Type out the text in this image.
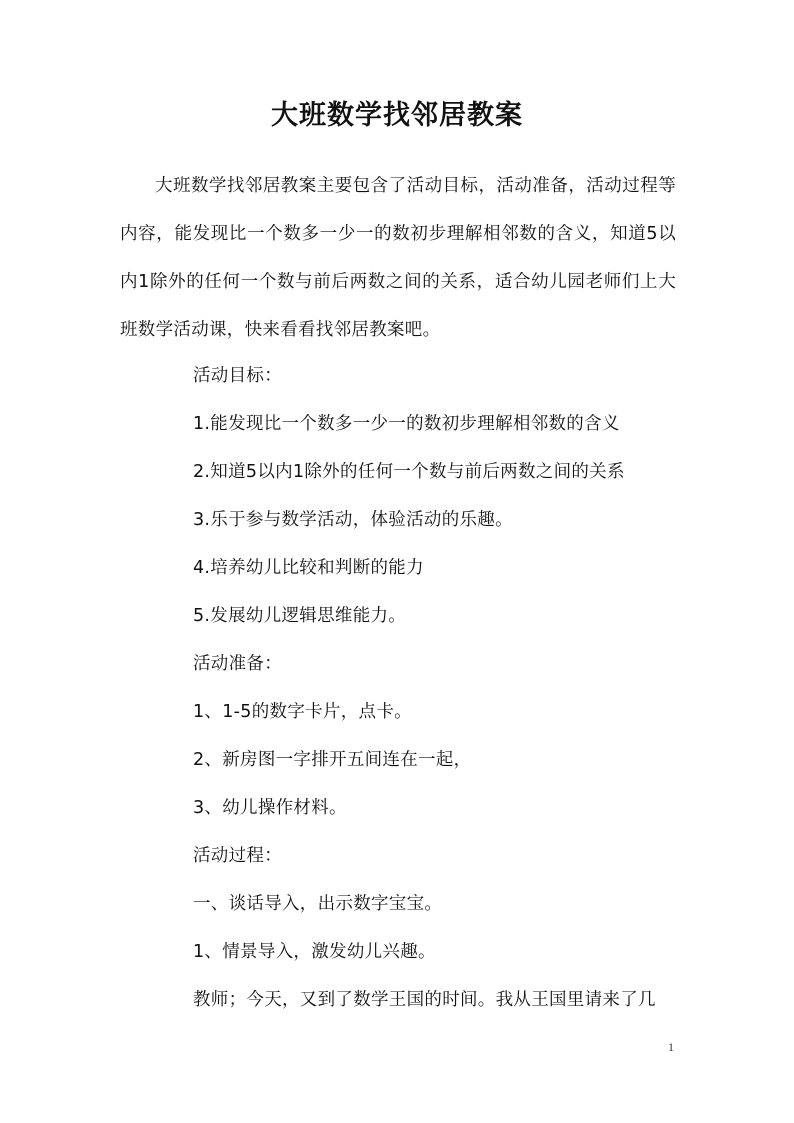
大班数学找邻居教案

大班数学找邻居教案主要包含了活动目标，活动准备，活动过程等内容，能发现比一个数多一少一的数初步理解相邻数的含义，知道5以内1除外的任何一个数与前后两数之间的关系，适合幼儿园老师们上大班数学活动课，快来看看找邻居教案吧。

活动目标：

1.能发现比一个数多一少一的数初步理解相邻数的含义

2.知道5以内1除外的任何一个数与前后两数之间的关系

3.乐于参与数学活动，体验活动的乐趣。

4.培养幼儿比较和判断的能力

5.发展幼儿逻辑思维能力。

活动准备：

1、1-5的数字卡片，点卡。

2、新房图一字排开五间连在一起，

3、幼儿操作材料。

活动过程：

一、谈话导入，出示数字宝宝。

1、情景导入，激发幼儿兴趣。

教师；今天，又到了数学王国的时间。我从王国里请来了几

1
